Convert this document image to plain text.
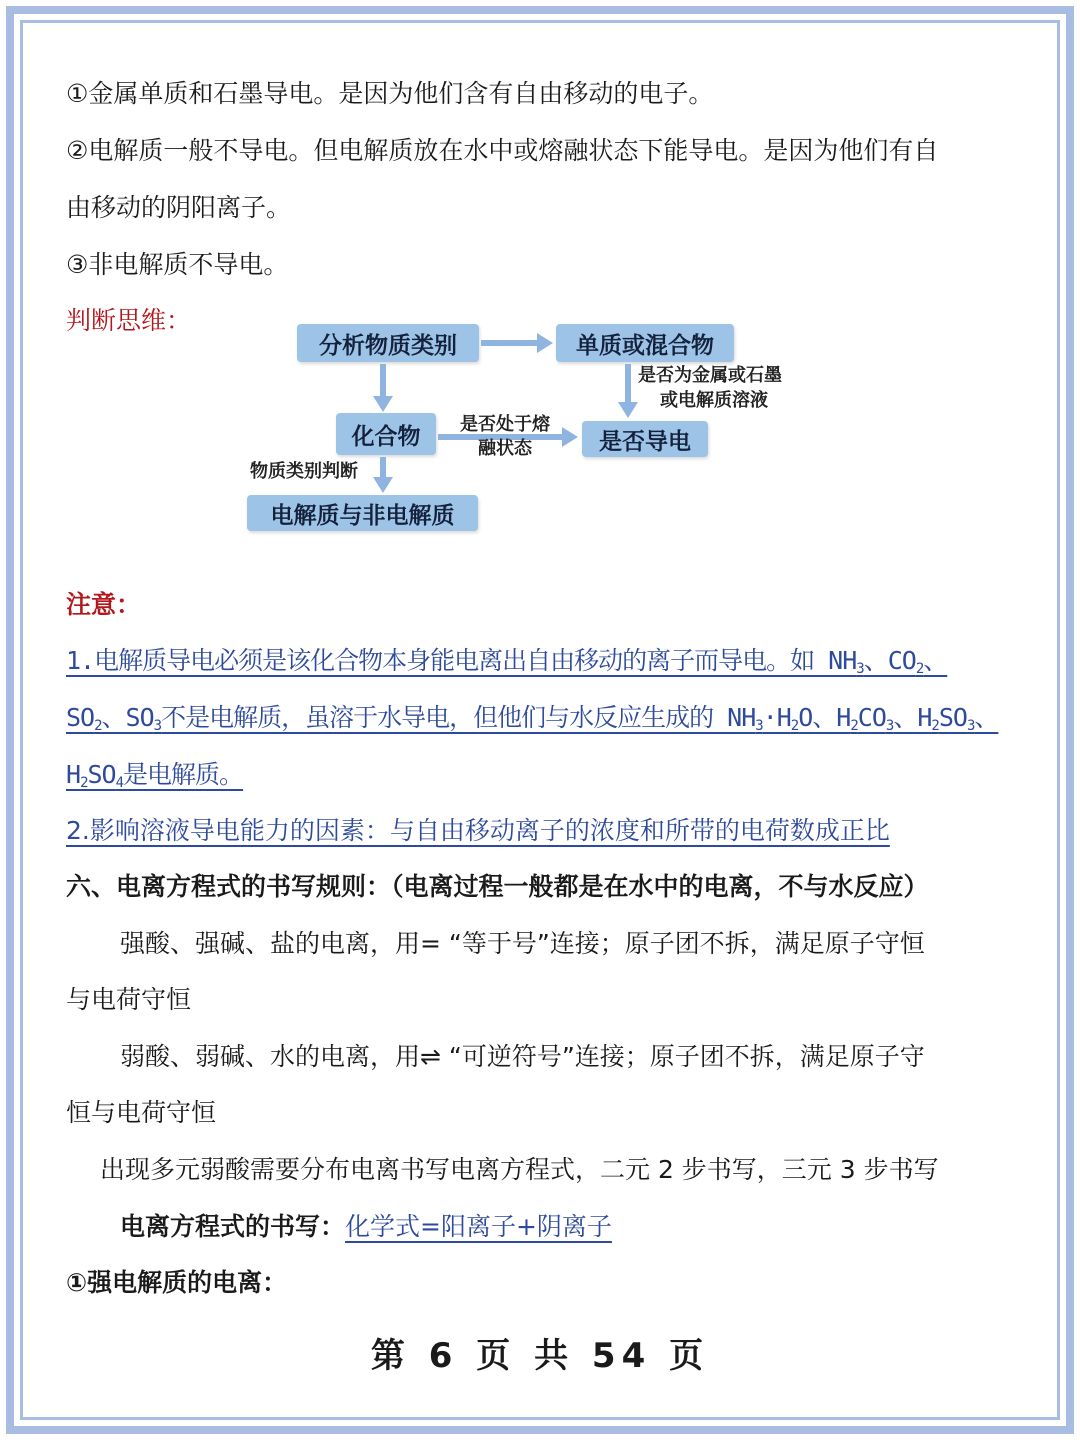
①金属单质和石墨导电。是因为他们含有自由移动的电子。
②电解质一般不导电。但电解质放在水中或熔融状态下能导电。是因为他们有自
由移动的阴阳离子。
③非电解质不导电。
判断思维：
分析物质类别	单质或混合物
化合物	是否导电
电解质与非电解质
是否为金属或石墨
或电解质溶液
是否处于熔
融状态
物质类别判断
注意：
1.电解质导电必须是该化合物本身能电离出自由移动的离子而导电。如 $NH_3$、$CO_2$、
$SO_2$、$SO_3$不是电解质，虽溶于水导电，但他们与水反应生成的 $NH_3\cdot H_2O$、$H_2CO_3$、$H_2SO_3$、
$H_2SO_4$是电解质。
2.影响溶液导电能力的因素：与自由移动离子的浓度和所带的电荷数成正比
六、电离方程式的书写规则：（电离过程一般都是在水中的电离，不与水反应）
强酸、强碱、盐的电离，用= “等于号”连接；原子团不拆，满足原子守恒
与电荷守恒
弱酸、弱碱、水的电离，用⇌ “可逆符号”连接；原子团不拆，满足原子守
恒与电荷守恒
出现多元弱酸需要分布电离书写电离方程式，二元 2 步书写，三元 3 步书写
电离方程式的书写：化学式=阳离子+阴离子
①强电解质的电离：
第 6 页 共 54 页
